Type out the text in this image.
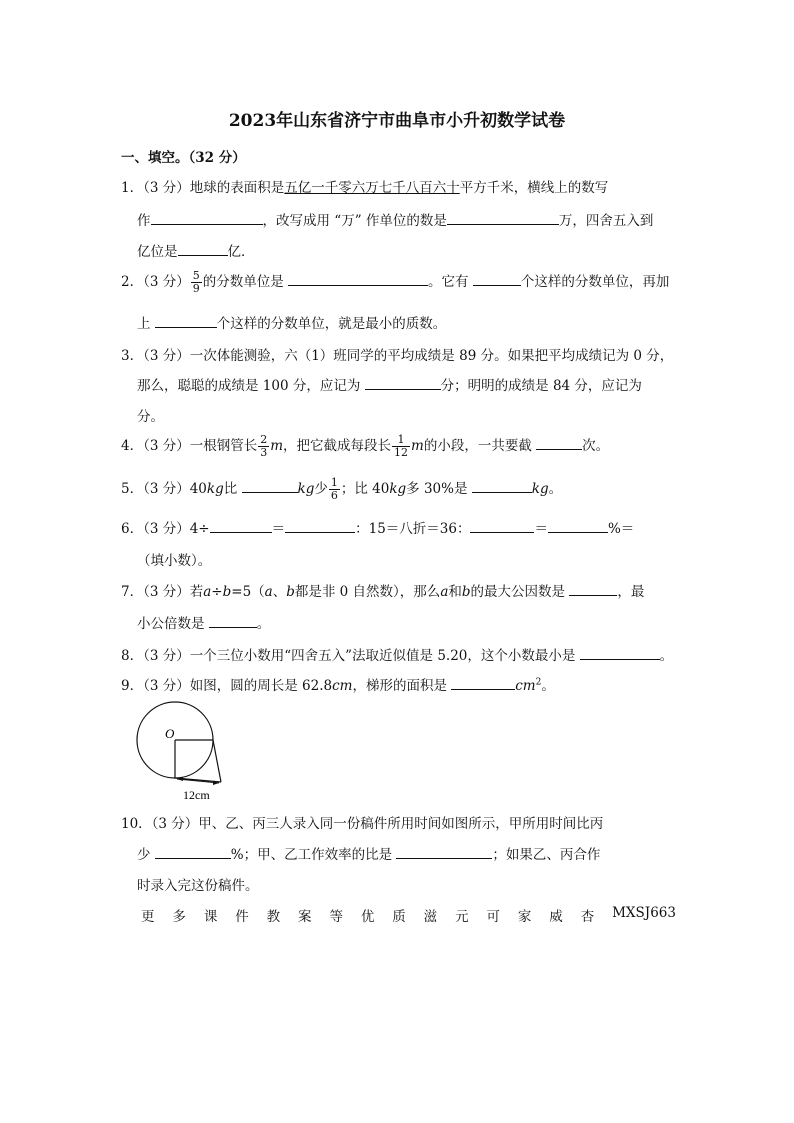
2023年山东省济宁市曲阜市小升初数学试卷
一、填空。（32 分）
1．（3 分）地球的表面积是五亿一千零六万七千八百六十平方千米，横线上的数写
作	，改写成用 “万” 作单位的数是	万，四舍五入到
亿位是	亿．
2．（3 分） $\frac{5}{9}$ 的分数单位是	。它有	个这样的分数单位，再加
上	个这样的分数单位，就是最小的质数。
3．（3 分）一次体能测验，六（1）班同学的平均成绩是 89 分。如果把平均成绩记为 0 分，
那么，聪聪的成绩是 100 分，应记为	分；明明的成绩是 84 分，应记为
分。
4．（3 分）一根钢管长 $\frac{2}{3}$ m，把它截成每段长 $\frac{1}{12}$ m的小段，一共要截	次。
5．（3 分）40kg比	kg少 $\frac{1}{6}$ ；比 40kg多 30%是	kg。
6．（3 分）4÷	＝	：15＝八折＝36：	＝	%＝
（填小数）。
7．（3 分）若a÷b=5（a、b都是非 0 自然数），那么a和b的最大公因数是	，最
小公倍数是	。
8．（3 分）一个三位小数用“四舍五入”法取近似值是 5.20，这个小数最小是	。
9．（3 分）如图，圆的周长是 62.8cm，梯形的面积是	$cm^2$。
O
12cm
10．（3 分）甲、乙、丙三人录入同一份稿件所用时间如图所示，甲所用时间比丙
少	%；甲、乙工作效率的比是	；如果乙、丙合作
时录入完这份稿件。
更 多 课 件 教 案 等 优 质 滋 元 可 家 威 杏 MXSJ663
